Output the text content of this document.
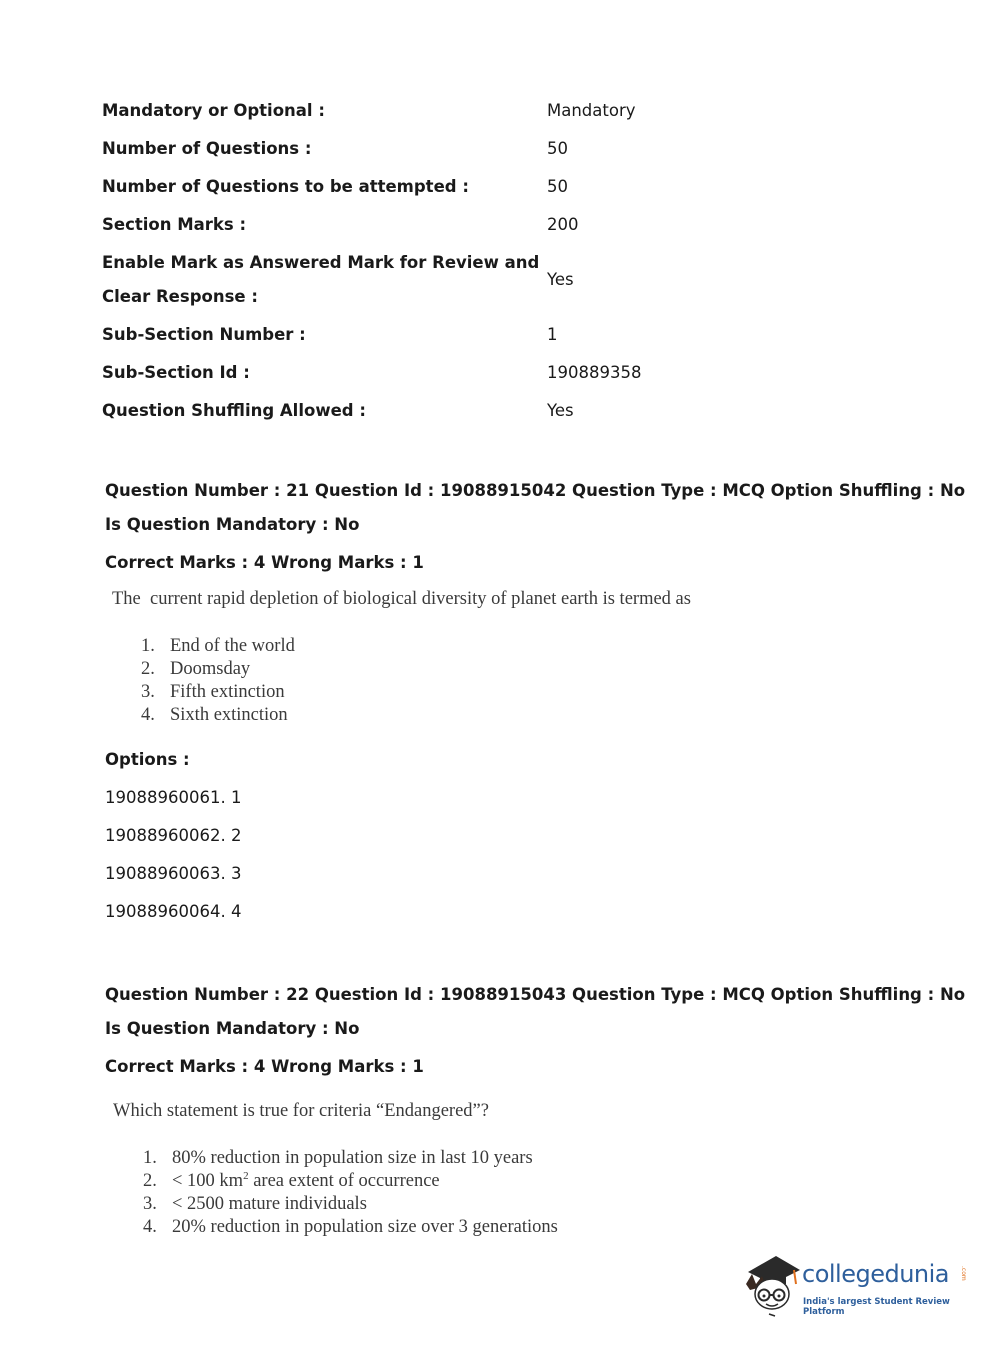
Mandatory or Optional :	Mandatory
Number of Questions :	50
Number of Questions to be attempted :	50
Section Marks :	200
Enable Mark as Answered Mark for Review and
Clear Response :
Yes
Sub-Section Number :	1
Sub-Section Id :	190889358
Question Shuffling Allowed :	Yes
Question Number : 21 Question Id : 19088915042 Question Type : MCQ Option Shuffling : No
Is Question Mandatory : No
Correct Marks : 4 Wrong Marks : 1
The  current rapid depletion of biological diversity of planet earth is termed as
1. End of the world
2. Doomsday
3. Fifth extinction
4. Sixth extinction
Options :
19088960061. 1
19088960062. 2
19088960063. 3
19088960064. 4
Question Number : 22 Question Id : 19088915043 Question Type : MCQ Option Shuffling : No
Is Question Mandatory : No
Correct Marks : 4 Wrong Marks : 1
Which statement is true for criteria “Endangered”?
1. 80% reduction in population size in last 10 years
2. < 100 $km^2$ area extent of occurrence
3. < 2500 mature individuals
4. 20% reduction in population size over 3 generations
collegedunia .com
India's largest Student Review Platform
